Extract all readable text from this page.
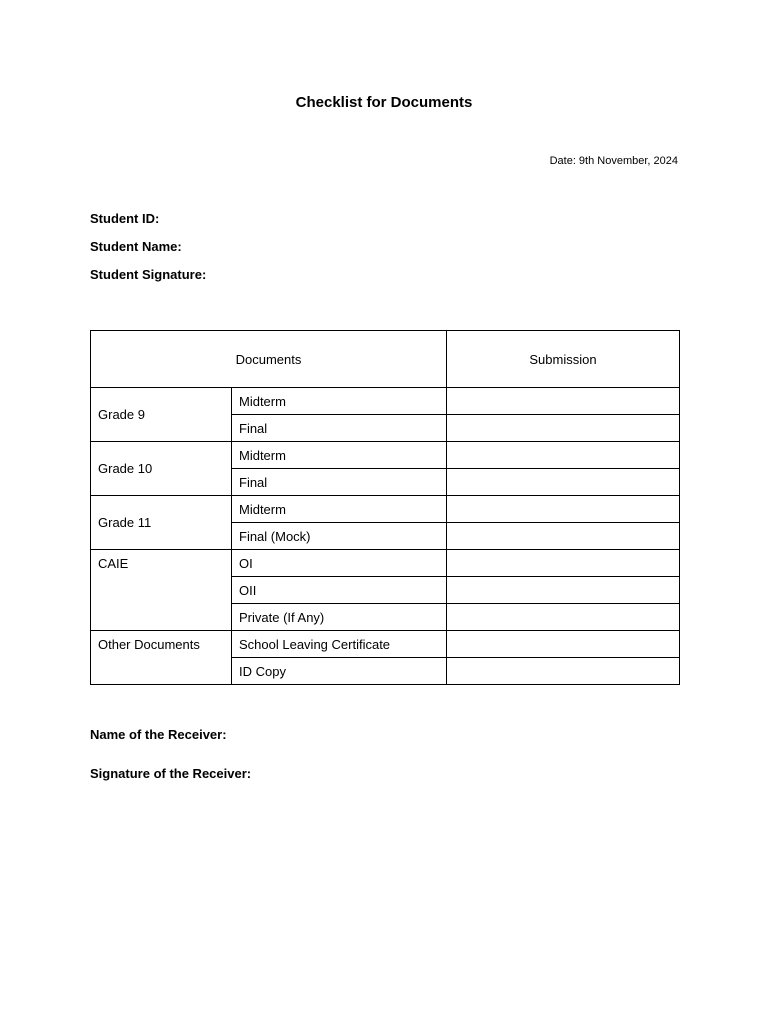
Checklist for Documents
Date: 9th November, 2024
Student ID:
Student Name:
Student Signature:
Documents		Submission
Grade 9	Midterm	
	Final	
Grade 10	Midterm	
	Final	
Grade 11	Midterm	
	Final (Mock)	
CAIE	OI	
	OII	
	Private (If Any)	
Other Documents	School Leaving Certificate	
	ID Copy	
Name of the Receiver:
Signature of the Receiver:
